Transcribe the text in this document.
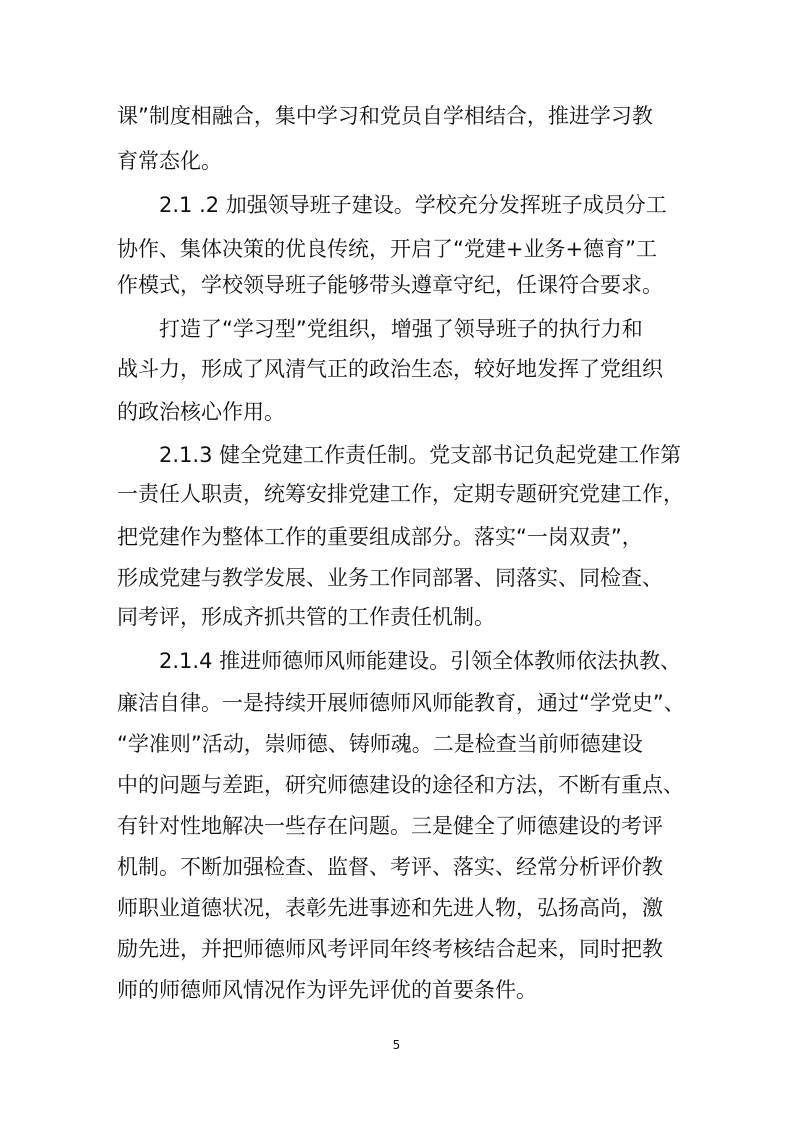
课”制度相融合，集中学习和党员自学相结合，推进学习教
育常态化。
2.1 .2 加强领导班子建设。学校充分发挥班子成员分工
协作、集体决策的优良传统，开启了“党建+业务+德育”工
作模式，学校领导班子能够带头遵章守纪，任课符合要求。
打造了“学习型”党组织，增强了领导班子的执行力和
战斗力，形成了风清气正的政治生态，较好地发挥了党组织
的政治核心作用。
2.1.3 健全党建工作责任制。党支部书记负起党建工作第
一责任人职责，统筹安排党建工作，定期专题研究党建工作，
把党建作为整体工作的重要组成部分。落实“一岗双责”，
形成党建与教学发展、业务工作同部署、同落实、同检查、
同考评，形成齐抓共管的工作责任机制。
2.1.4 推进师德师风师能建设。引领全体教师依法执教、
廉洁自律。一是持续开展师德师风师能教育，通过“学党史”、
“学准则”活动，崇师德、铸师魂。二是检查当前师德建设
中的问题与差距，研究师德建设的途径和方法，不断有重点、
有针对性地解决一些存在问题。三是健全了师德建设的考评
机制。不断加强检查、监督、考评、落实、经常分析评价教
师职业道德状况，表彰先进事迹和先进人物，弘扬高尚，激
励先进，并把师德师风考评同年终考核结合起来，同时把教
师的师德师风情况作为评先评优的首要条件。
5
